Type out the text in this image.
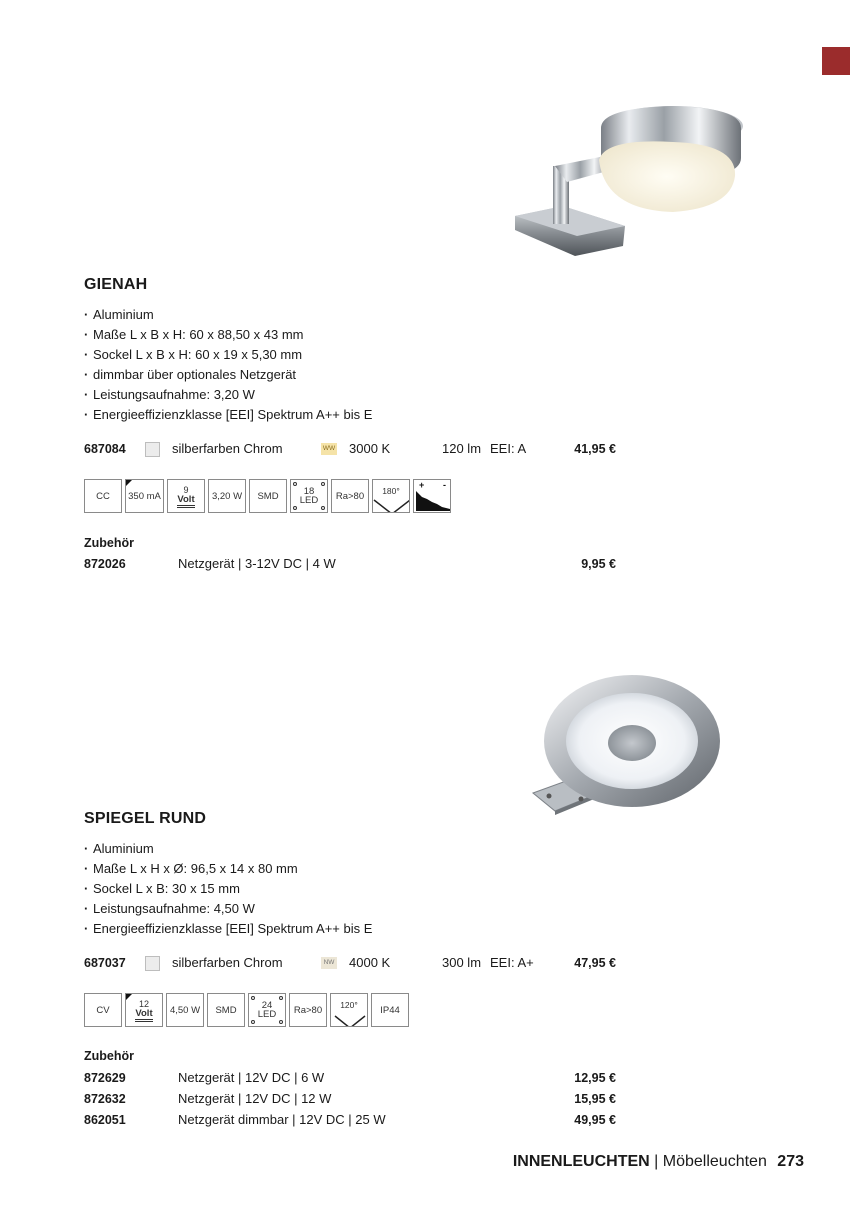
GIENAH
· Aluminium
· Maße L x B x H: 60 x 88,50 x 43 mm
· Sockel L x B x H: 60 x 19 x 5,30 mm
· dimmbar über optionales Netzgerät
· Leistungsaufnahme: 3,20 W
· Energieeffizienzklasse [EEI] Spektrum A++ bis E
687084	silberfarben Chrom	WW 3000 K	120 lm EEI: A	41,95 €
CC 350 mA
9
Volt 3,20 W SMD	18
LED Ra>80 180°
+ -
Zubehör
872026	Netzgerät | 3-12V DC | 4 W	9,95 €
SPIEGEL RUND
· Aluminium
· Maße L x H x Ø: 96,5 x 14 x 80 mm
· Sockel L x B: 30 x 15 mm
· Leistungsaufnahme: 4,50 W
· Energieeffizienzklasse [EEI] Spektrum A++ bis E
687037	silberfarben Chrom	NW 4000 K	300 lm EEI: A+	47,95 €
CV
12
Volt 4,50 W SMD	24
LED Ra>80 120° IP44
Zubehör
872629	Netzgerät | 12V DC | 6 W	12,95 €
872632	Netzgerät | 12V DC | 12 W	15,95 €
862051	Netzgerät dimmbar | 12V DC | 25 W	49,95 €
INNENLEUCHTEN | Möbelleuchten 273
